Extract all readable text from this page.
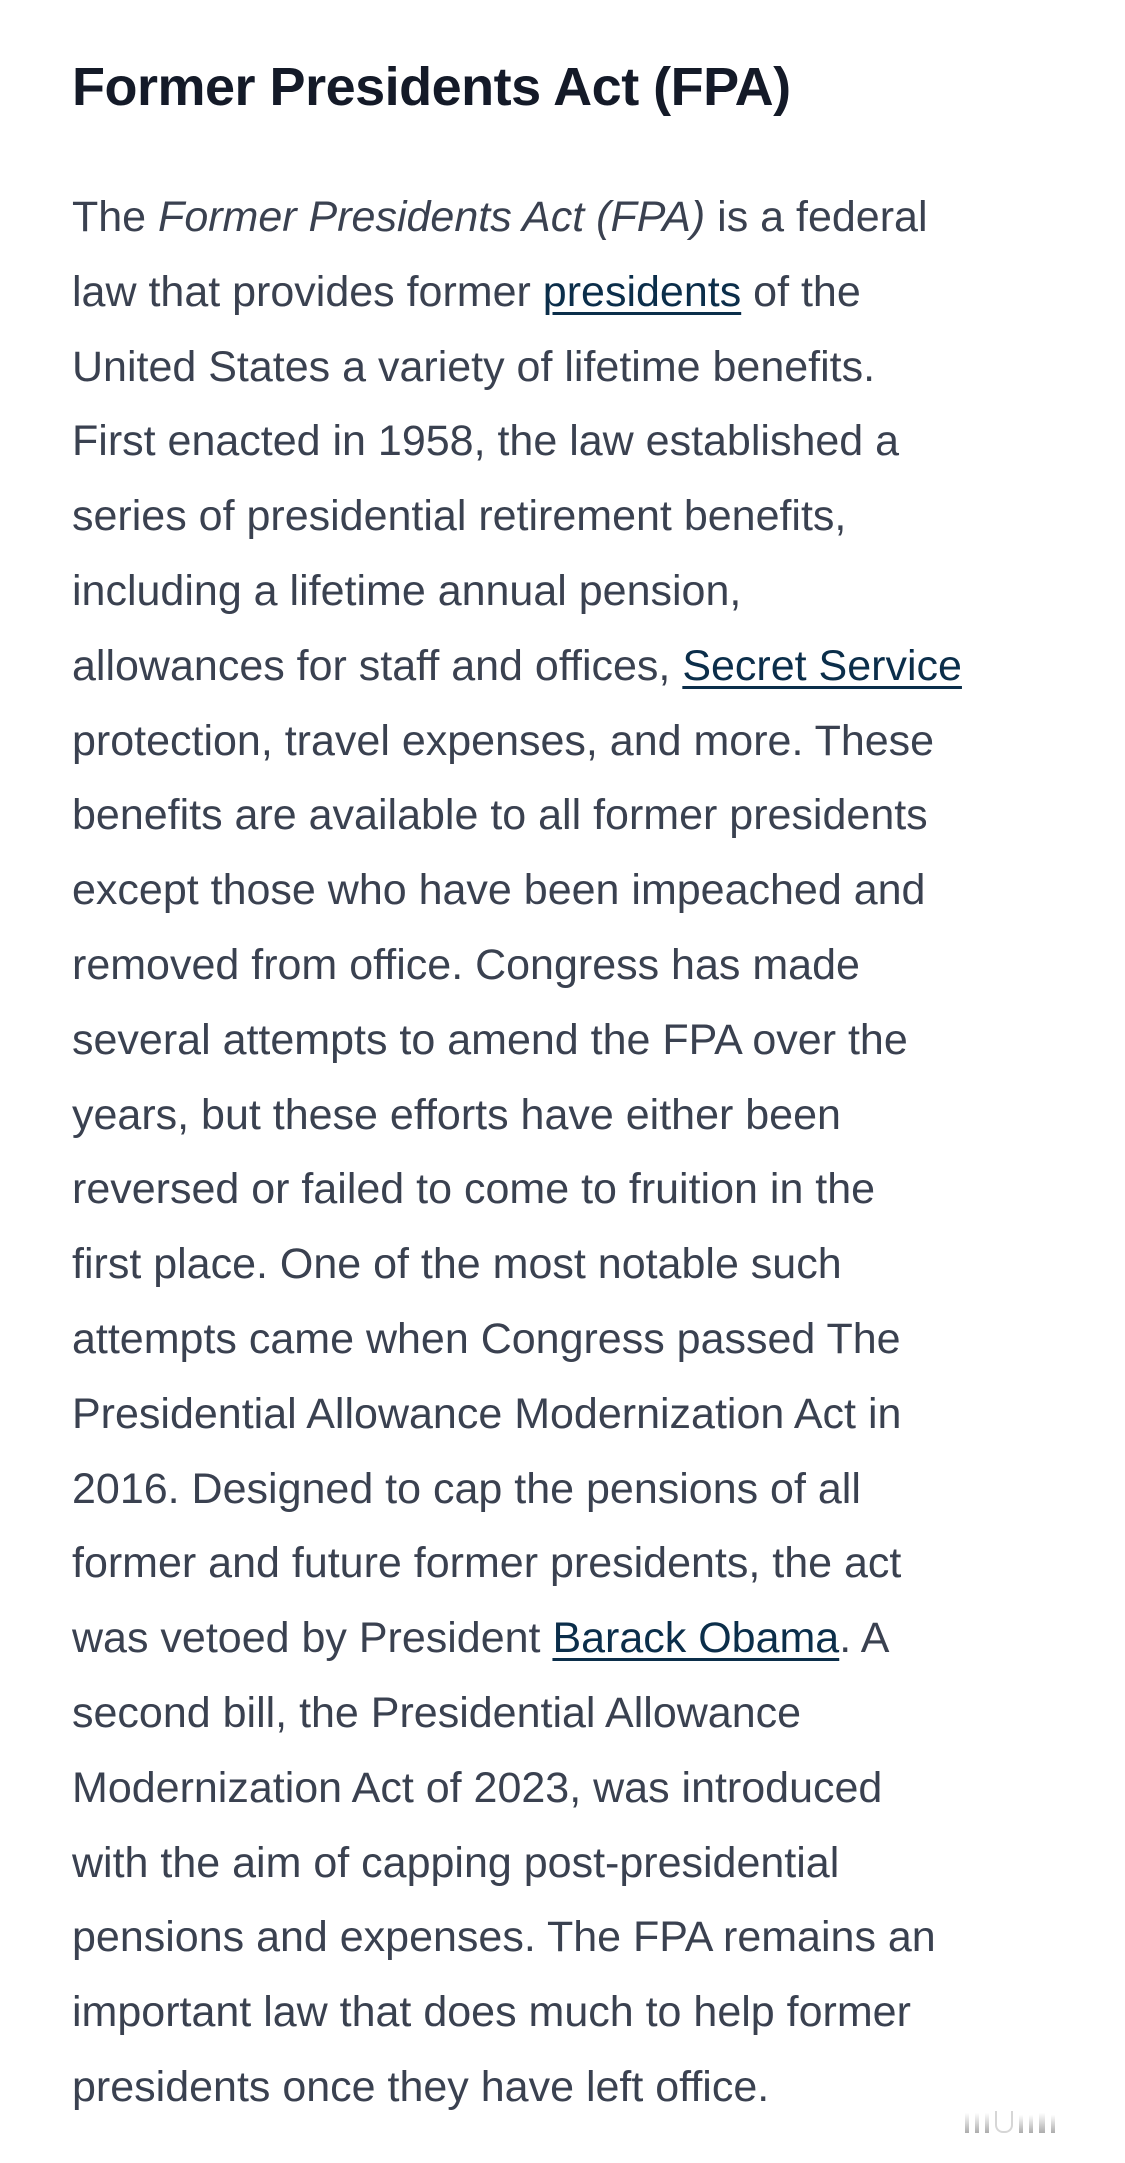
Former Presidents Act (FPA)

The Former Presidents Act (FPA) is a federal
law that provides former presidents of the
United States a variety of lifetime benefits.
First enacted in 1958, the law established a
series of presidential retirement benefits,
including a lifetime annual pension,
allowances for staff and offices, Secret Service
protection, travel expenses, and more. These
benefits are available to all former presidents
except those who have been impeached and
removed from office. Congress has made
several attempts to amend the FPA over the
years, but these efforts have either been
reversed or failed to come to fruition in the
first place. One of the most notable such
attempts came when Congress passed The
Presidential Allowance Modernization Act in
2016. Designed to cap the pensions of all
former and future former presidents, the act
was vetoed by President Barack Obama. A
second bill, the Presidential Allowance
Modernization Act of 2023, was introduced
with the aim of capping post-presidential
pensions and expenses. The FPA remains an
important law that does much to help former
presidents once they have left office.
